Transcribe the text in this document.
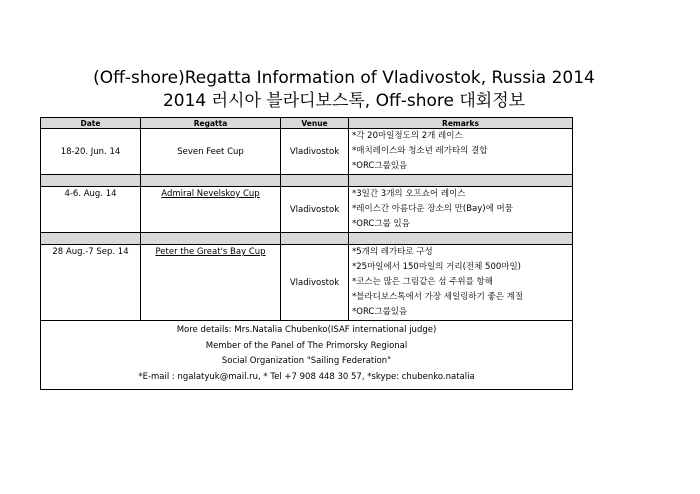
(Off-shore)Regatta Information of Vladivostok, Russia 2014
2014 러시아 블라디보스톡, Off-shore 대회정보
Date	Regatta	Venue	Remarks
18-20. Jun. 14	Seven Feet Cup	Vladivostok	*각 20마일정도의 2개 레이스
*매치레이스와 청소년 레가타의 결합
*ORC그룹있음

4-6. Aug. 14	Admiral Nevelskoy Cup	Vladivostok	*3일간 3개의 오프쇼어 레이스
*레이스간 아름다운 장소의 만(Bay)에 머뭄
*ORC그룹 있음

28 Aug.-7 Sep. 14	Peter the Great's Bay Cup	Vladivostok	*5개의 레가타로 구성
*25마일에서 150마일의 거리(전체 500마일)
*코스는 많은 그림같은 섬 주위를 항해
*블라디보스톡에서 가장 세일링하기 좋은 계절
*ORC그룹있음

More details: Mrs.Natalia Chubenko(ISAF international judge)
Member of the Panel of The Primorsky Regional
Social Organization "Sailing Federation"
*E-mail : ngalatyuk@mail.ru, * Tel +7 908 448 30 57, *skype: chubenko.natalia			
